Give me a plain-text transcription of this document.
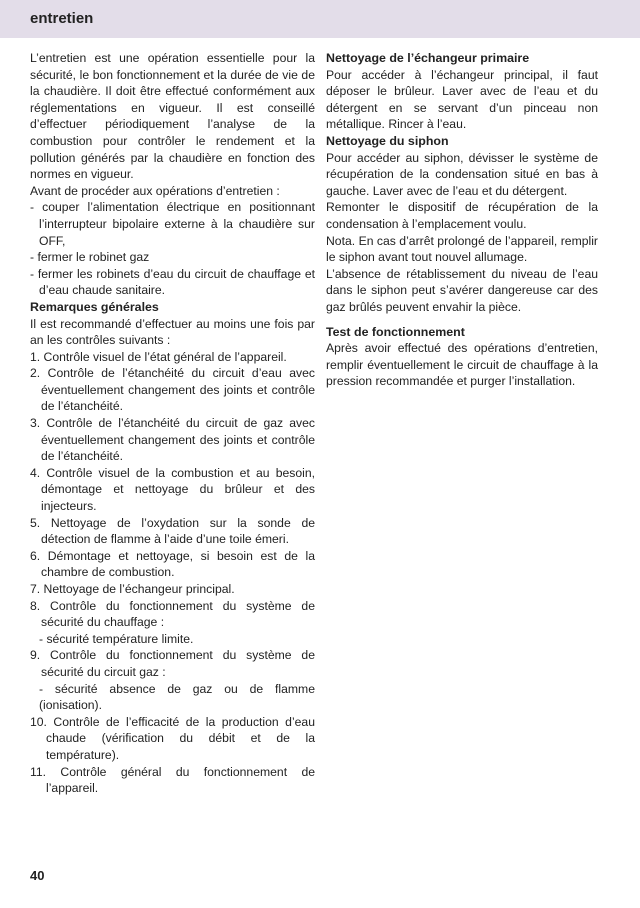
entretien

L’entretien est une opération essentielle pour la sécurité, le bon fonctionnement et la durée de vie de la chaudière. Il doit être effectué conformément aux réglementations en vigueur. Il est conseillé d’effectuer périodiquement l’analyse de la combustion pour contrôler le rendement et la pollution générés par la chaudière en fonction des normes en vigueur.

Avant de procéder aux opérations d’entretien :

- couper l’alimentation électrique en positionnant l’interrupteur bipolaire externe à la chaudière sur OFF,

- fermer le robinet gaz

- fermer les robinets d’eau du circuit de chauffage et d’eau chaude sanitaire.

Remarques générales

Il est recommandé d’effectuer au moins une fois par an les contrôles suivants :

1. Contrôle visuel de l’état général de l’appareil.

2. Contrôle de l’étanchéité du circuit d’eau avec éventuellement changement des joints et contrôle de l’étanchéité.

3. Contrôle de l’étanchéité du circuit de gaz avec éventuellement changement des joints et contrôle de l’étanchéité.

4. Contrôle visuel de la combustion et au besoin, démontage et nettoyage du brûleur et des injecteurs.

5. Nettoyage de l’oxydation sur la sonde de détection de flamme à l’aide d’une toile émeri.

6. Démontage et nettoyage, si besoin est de la chambre de combustion.

7. Nettoyage de l’échangeur principal.

8. Contrôle du fonctionnement du système de sécurité du chauffage :

- sécurité température limite.

9. Contrôle du fonctionnement du système de sécurité du circuit gaz :

- sécurité absence de gaz ou de flamme (ionisation).

10. Contrôle de l’efficacité de la production d’eau chaude (vérification du débit et de la température).

11. Contrôle général du fonctionnement de l’appareil.

Nettoyage de l’échangeur primaire

Pour accéder à l’échangeur principal, il faut déposer le brûleur. Laver avec de l’eau et du détergent en se servant d’un pinceau non métallique. Rincer à l’eau.

Nettoyage du siphon

Pour accéder au siphon, dévisser le système de récupération de la condensation situé en bas à gauche. Laver avec de l’eau et du détergent.

Remonter le dispositif de récupération de la condensation à l’emplacement voulu.

Nota. En cas d’arrêt prolongé de l’appareil, remplir le siphon avant tout nouvel allumage.

L’absence de rétablissement du niveau de l’eau dans le siphon peut s’avérer dangereuse car des gaz brûlés peuvent envahir la pièce.

Test de fonctionnement

Après avoir effectué des opérations d’entretien, remplir éventuellement le circuit de chauffage à la pression recommandée et purger l’installation.

40
